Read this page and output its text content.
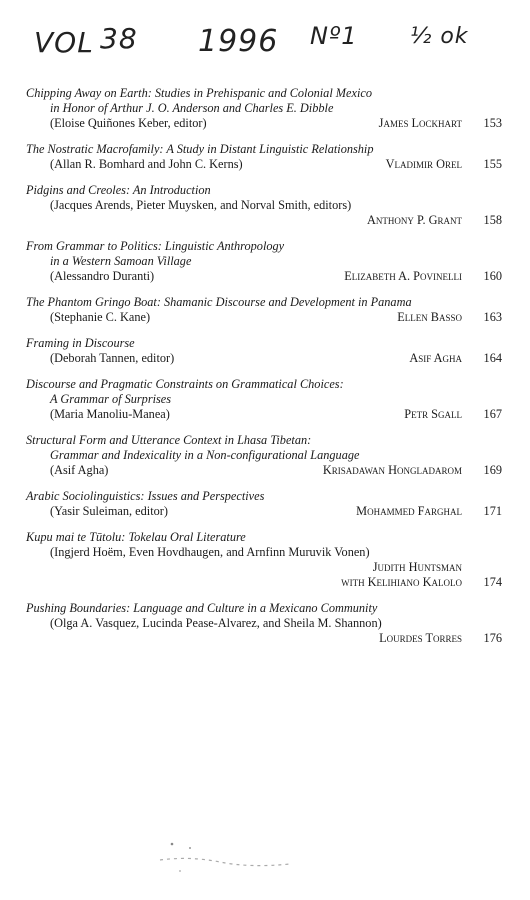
VOL 38 1996 Nº1 ½ ok
Chipping Away on Earth: Studies in Prehispanic and Colonial Mexico
in Honor of Arthur J. O. Anderson and Charles E. Dibble
(Eloise Quiñones Keber, editor)	James Lockhart	153
The Nostratic Macrofamily: A Study in Distant Linguistic Relationship
(Allan R. Bomhard and John C. Kerns)	Vladimir Orel	155
Pidgins and Creoles: An Introduction
(Jacques Arends, Pieter Muysken, and Norval Smith, editors)
Anthony P. Grant	158
From Grammar to Politics: Linguistic Anthropology
in a Western Samoan Village
(Alessandro Duranti)	Elizabeth A. Povinelli	160
The Phantom Gringo Boat: Shamanic Discourse and Development in Panama
(Stephanie C. Kane)	Ellen Basso	163
Framing in Discourse
(Deborah Tannen, editor)	Asif Agha	164
Discourse and Pragmatic Constraints on Grammatical Choices:
A Grammar of Surprises
(Maria Manoliu-Manea)	Petr Sgall	167
Structural Form and Utterance Context in Lhasa Tibetan:
Grammar and Indexicality in a Non-configurational Language
(Asif Agha)	Krisadawan Hongladarom	169
Arabic Sociolinguistics: Issues and Perspectives
(Yasir Suleiman, editor)	Mohammed Farghal	171
Kupu mai te Tūtolu: Tokelau Oral Literature
(Ingjerd Hoëm, Even Hovdhaugen, and Arnfinn Muruvik Vonen)
Judith Huntsman
with Kelihiano Kalolo	174
Pushing Boundaries: Language and Culture in a Mexicano Community
(Olga A. Vasquez, Lucinda Pease-Alvarez, and Sheila M. Shannon)
Lourdes Torres	176
